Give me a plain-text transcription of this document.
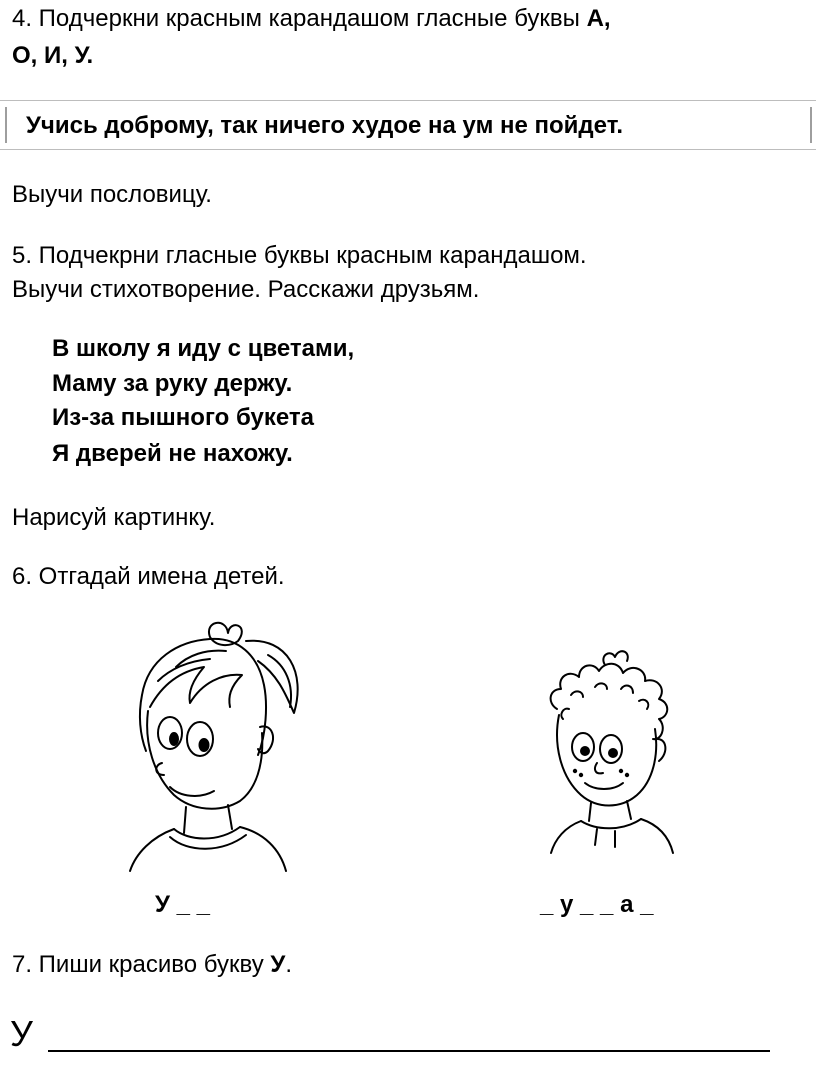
4. Подчеркни красным карандашом гласные буквы А,
О, И, У.
Учись доброму, так ничего худое на ум не пойдет.
Выучи пословицу.
5. Подчекрни гласные буквы красным карандашом.
Выучи стихотворение. Расскажи друзьям.
В школу я иду с цветами,
Маму за руку держу.
Из-за пышного букета
Я дверей не нахожу.
Нарисуй картинку.
6. Отгадай имена детей.
У _ _	_ у _ _ а _
7. Пиши красиво букву У.
У
